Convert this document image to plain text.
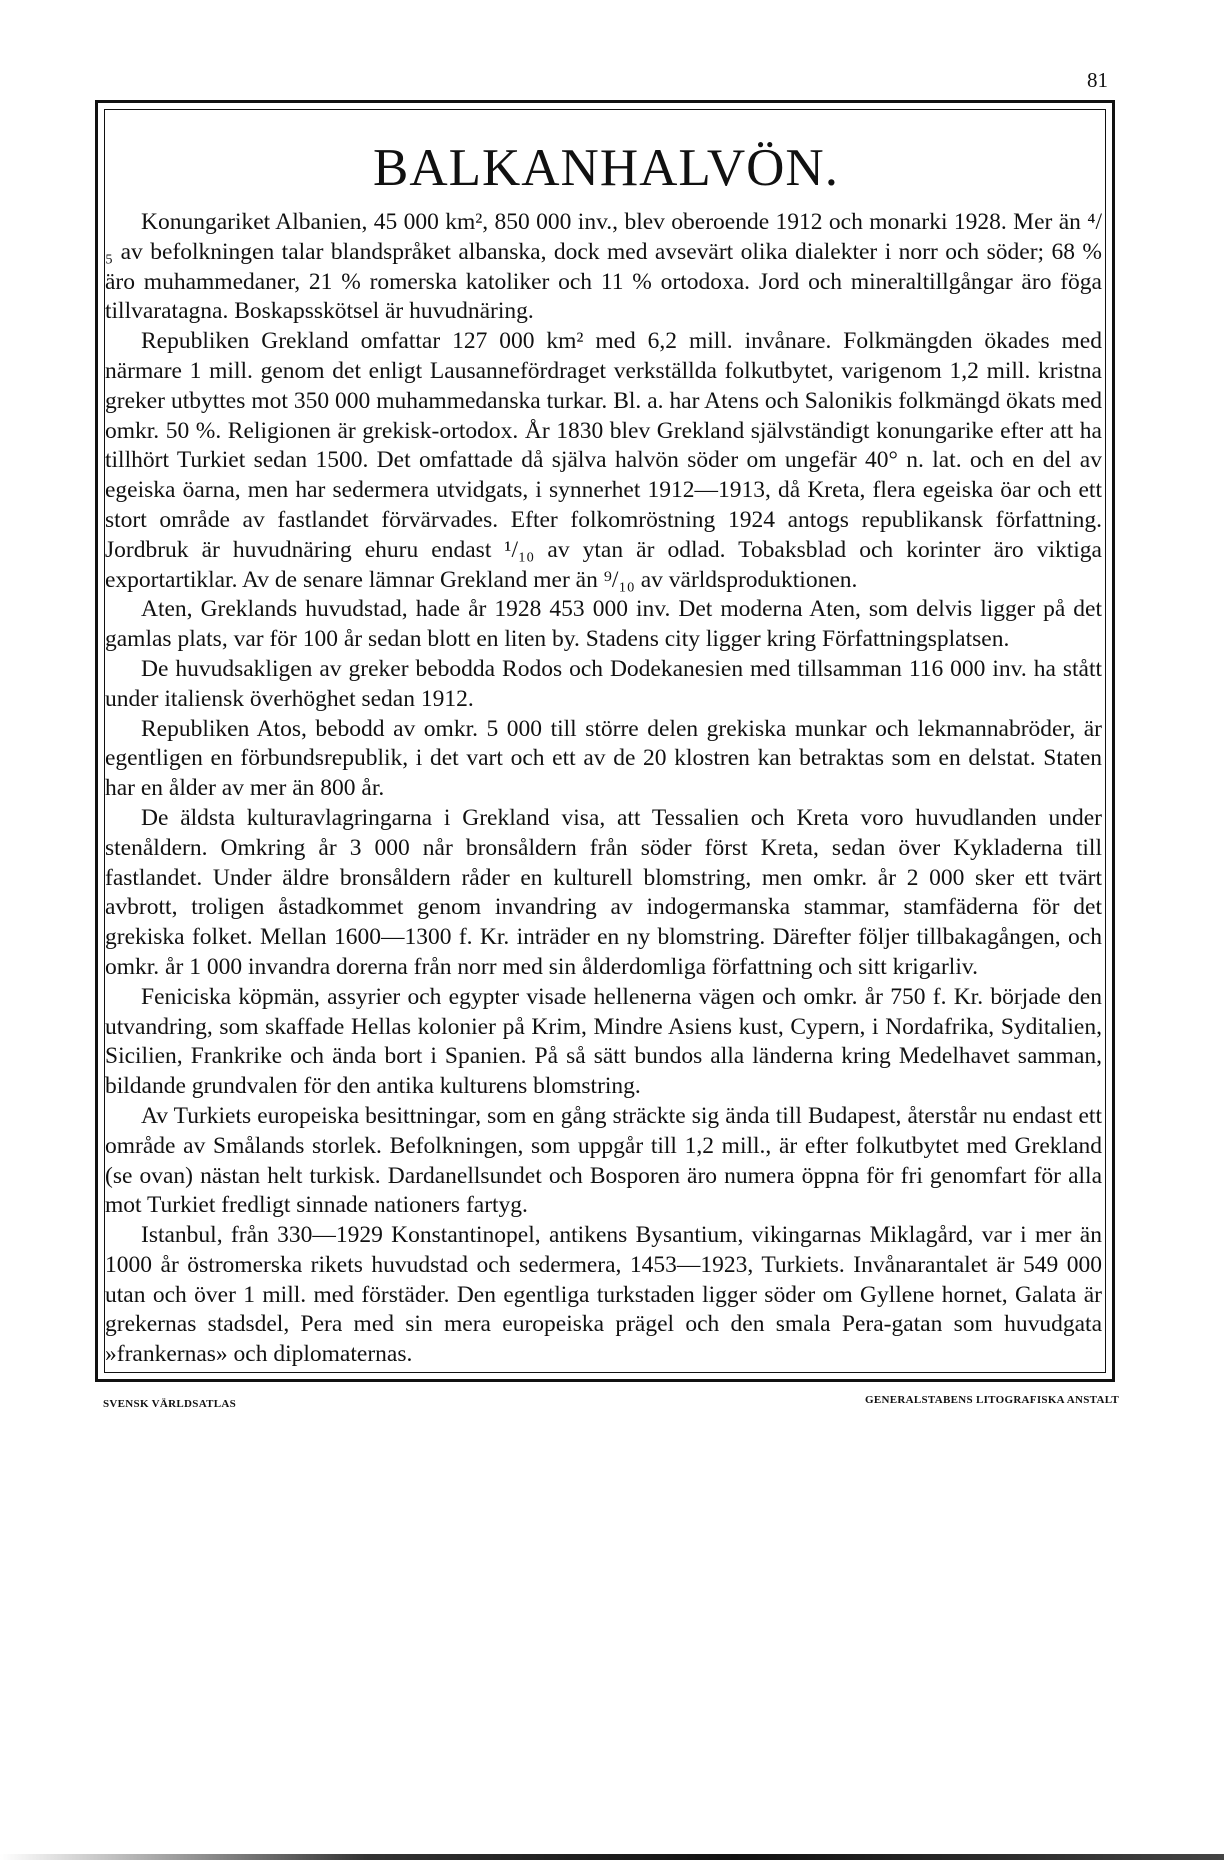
81
BALKANHALVÖN.

Konungariket Albanien, 45 000 km², 850 000 inv., blev oberoende 1912 och monarki 1928. Mer än ⁴/₅ av befolkningen talar blandspråket albanska, dock med avsevärt olika dialekter i norr och söder; 68 % äro muhammedaner, 21 % romerska katoliker och 11 % ortodoxa. Jord och mineraltillgångar äro föga tillvaratagna. Boskapsskötsel är huvudnäring.

Republiken Grekland omfattar 127 000 km² med 6,2 mill. invånare. Folkmängden ökades med närmare 1 mill. genom det enligt Lausannefördraget verkställda folkutbytet, varigenom 1,2 mill. kristna greker utbyttes mot 350 000 muhammedanska turkar. Bl. a. har Atens och Salonikis folkmängd ökats med omkr. 50 %. Religionen är grekisk-ortodox. År 1830 blev Grekland självständigt konungarike efter att ha tillhört Turkiet sedan 1500. Det omfattade då själva halvön söder om ungefär 40° n. lat. och en del av egeiska öarna, men har sedermera utvidgats, i synnerhet 1912—1913, då Kreta, flera egeiska öar och ett stort område av fastlandet förvärvades. Efter folkomröstning 1924 antogs republikansk författning. Jordbruk är huvudnäring ehuru endast ¹/₁₀ av ytan är odlad. Tobaksblad och korinter äro viktiga exportartiklar. Av de senare lämnar Grekland mer än ⁹/₁₀ av världsproduktionen.

Aten, Greklands huvudstad, hade år 1928 453 000 inv. Det moderna Aten, som delvis ligger på det gamlas plats, var för 100 år sedan blott en liten by. Stadens city ligger kring Författningsplatsen.

De huvudsakligen av greker bebodda Rodos och Dodekanesien med tillsamman 116 000 inv. ha stått under italiensk överhöghet sedan 1912.

Republiken Atos, bebodd av omkr. 5 000 till större delen grekiska munkar och lekmannabröder, är egentligen en förbundsrepublik, i det vart och ett av de 20 klostren kan betraktas som en delstat. Staten har en ålder av mer än 800 år.

De äldsta kulturavlagringarna i Grekland visa, att Tessalien och Kreta voro huvudlanden under stenåldern. Omkring år 3 000 når bronsåldern från söder först Kreta, sedan över Kykladerna till fastlandet. Under äldre bronsåldern råder en kulturell blomstring, men omkr. år 2 000 sker ett tvärt avbrott, troligen åstadkommet genom invandring av indogermanska stammar, stamfäderna för det grekiska folket. Mellan 1600—1300 f. Kr. inträder en ny blomstring. Därefter följer tillbakagången, och omkr. år 1 000 invandra dorerna från norr med sin ålderdomliga författning och sitt krigarliv.

Feniciska köpmän, assyrier och egypter visade hellenerna vägen och omkr. år 750 f. Kr. började den utvandring, som skaffade Hellas kolonier på Krim, Mindre Asiens kust, Cypern, i Nordafrika, Syditalien, Sicilien, Frankrike och ända bort i Spanien. På så sätt bundos alla länderna kring Medelhavet samman, bildande grundvalen för den antika kulturens blomstring.

Av Turkiets europeiska besittningar, som en gång sträckte sig ända till Budapest, återstår nu endast ett område av Smålands storlek. Befolkningen, som uppgår till 1,2 mill., är efter folkutbytet med Grekland (se ovan) nästan helt turkisk. Dardanellsundet och Bosporen äro numera öppna för fri genomfart för alla mot Turkiet fredligt sinnade nationers fartyg.

Istanbul, från 330—1929 Konstantinopel, antikens Bysantium, vikingarnas Miklagård, var i mer än 1000 år östromerska rikets huvudstad och sedermera, 1453—1923, Turkiets. Invånarantalet är 549 000 utan och över 1 mill. med förstäder. Den egentliga turkstaden ligger söder om Gyllene hornet, Galata är grekernas stadsdel, Pera med sin mera europeiska prägel och den smala Pera-gatan som huvudgata »frankernas» och diplomaternas.

SVENSK VÄRLDSATLAS	GENERALSTABENS LITOGRAFISKA ANSTALT
